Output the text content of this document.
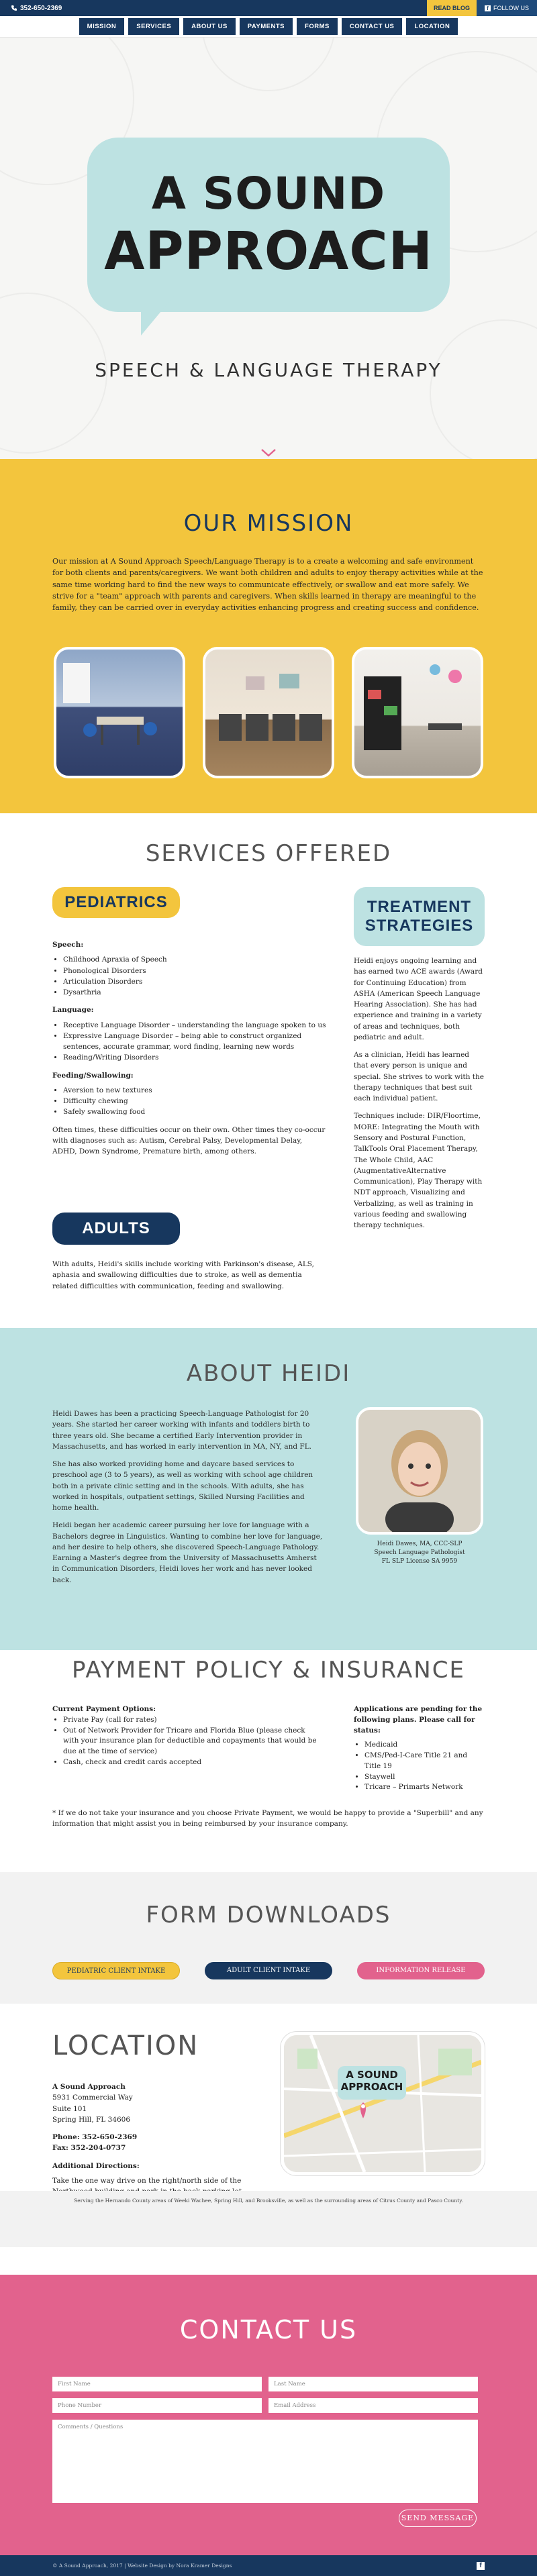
352-650-2369	READ BLOG	f FOLLOW US
MISSION	SERVICES	ABOUT US	PAYMENTS	FORMS	CONTACT US	LOCATION
A SOUND
APPROACH
SPEECH & LANGUAGE THERAPY
OUR MISSION
Our mission at A Sound Approach Speech/Language Therapy is to a create a welcoming and safe environment for both clients and parents/caregivers. We want both children and adults to enjoy therapy activities while at the same time working hard to find the new ways to communicate effectively, or swallow and eat more safely. We strive for a "team" approach with parents and caregivers. When skills learned in therapy are meaningful to the family, they can be carried over in everyday activities enhancing progress and creating success and confidence.
SERVICES OFFERED
PEDIATRICS	TREATMENT
STRATEGIES

Speech:

• Childhood Apraxia of Speech
• Phonological Disorders
• Articulation Disorders
• Dysarthria

Language:

• Receptive Language Disorder – understanding the language spoken to us
• Expressive Language Disorder – being able to construct organized sentences, accurate grammar, word finding, learning new words
• Reading/Writing Disorders

Feeding/Swallowing:

• Aversion to new textures
• Difficulty chewing
• Safely swallowing food

Often times, these difficulties occur on their own. Other times they co-occur with diagnoses such as: Autism, Cerebral Palsy, Developmental Delay, ADHD, Down Syndrome, Premature birth, among others.

ADULTS
With adults, Heidi's skills include working with Parkinson's disease, ALS, aphasia and swallowing difficulties due to stroke, as well as dementia related difficulties with communication, feeding and swallowing.

Heidi enjoys ongoing learning and has earned two ACE awards (Award for Continuing Education) from ASHA (American Speech Language Hearing Association). She has had experience and training in a variety of areas and techniques, both pediatric and adult.

As a clinician, Heidi has learned that every person is unique and special. She strives to work with the therapy techniques that best suit each individual patient.

Techniques include: DIR/Floortime, MORE: Integrating the Mouth with Sensory and Postural Function, TalkTools Oral Placement Therapy, The Whole Child, AAC (AugmentativeAlternative Communication), Play Therapy with NDT approach, Visualizing and Verbalizing, as well as training in various feeding and swallowing therapy techniques.

ABOUT HEIDI

Heidi Dawes has been a practicing Speech-Language Pathologist for 20 years. She started her career working with infants and toddlers birth to three years old. She became a certified Early Intervention provider in Massachusetts, and has worked in early intervention in MA, NY, and FL.

She has also worked providing home and daycare based services to preschool age (3 to 5 years), as well as working with school age children both in a private clinic setting and in the schools. With adults, she has worked in hospitals, outpatient settings, Skilled Nursing Facilities and home health.

Heidi began her academic career pursuing her love for language with a Bachelors degree in Linguistics. Wanting to combine her love for language, and her desire to help others, she discovered Speech-Language Pathology. Earning a Master's degree from the University of Massachusetts Amherst in Communication Disorders, Heidi loves her work and has never looked back.

Heidi Dawes, MA, CCC-SLP
Speech Language Pathologist
FL SLP License SA 9959
PAYMENT POLICY & INSURANCE

Current Payment Options:

• Private Pay (call for rates)
• Out of Network Provider for Tricare and Florida Blue (please check with your insurance plan for deductible and copayments that would be due at the time of service)
• Cash, check and credit cards accepted

Applications are pending for the following plans. Please call for status:

• Medicaid
• CMS/Ped-I-Care Title 21 and Title 19
• Staywell
• Tricare – Primarts Network
* If we do not take your insurance and you choose Private Payment, we would be happy to provide a "Superbill" and any information that might assist you in being reimbursed by your insurance company.
FORM DOWNLOADS
PEDIATRIC CLIENT INTAKE	ADULT CLIENT INTAKE	INFORMATION RELEASE
LOCATION

A Sound Approach

5931 Commercial Way

Suite 101

Spring Hill, FL 34606

Phone: 352-650-2369

Fax: 352-204-0737

Additional Directions:

Take the one way drive on the right/north side of the

A SOUND
APPROACH
Serving the Hernando County areas of Weeki Wachee, Spring Hill, and Brooksville, as well as the surrounding areas of Citrus County and Pasco County.
CONTACT US
First Name	Last Name
Phone Number	Email Address
Comments / Questions
SEND MESSAGE
© A Sound Approach, 2017 | Website Design by Nora Kramer Designs	f
